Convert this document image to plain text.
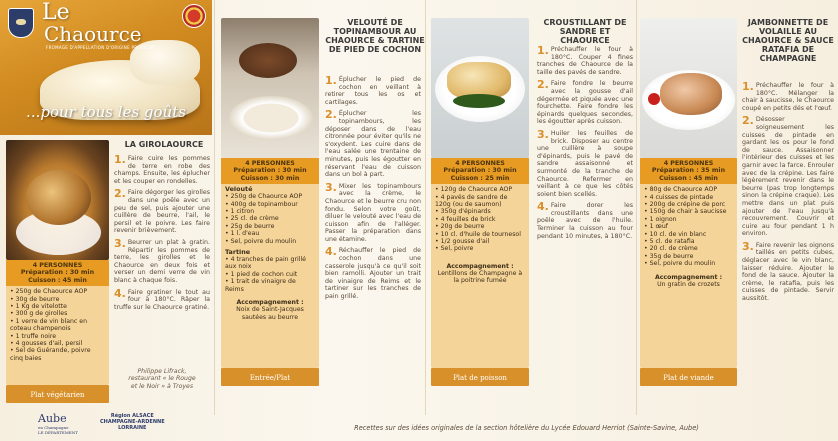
Le
Chaource
FROMAGE D'APPELLATION D'ORIGINE PROTEGEE
...pour tous les goûts
LA GIROLAOURCE
1. Faire cuire les pommes de terre en robe des champs. Ensuite, les éplucher et les couper en rondelles.
2. Faire dégorger les girolles dans une poêle avec un peu de sel, puis ajouter une cuillère de beurre, l'ail, le persil et le poivre. Les faire revenir brièvement.
3. Beurrer un plat à gratin. Répartir les pommes de terre, les girolles et le Chaource en deux fois et verser un demi verre de vin blanc à chaque fois.
4. Faire gratiner le tout au four à 180°C. Râper la truffe sur le Chaource gratiné.
4 PERSONNES
Préparation : 30 min
Cuisson : 45 min
• 250g de Chaource AOP
• 30g de beurre
• 1 Kg de vitelotte
• 300 g de girolles
• 1 verre de vin blanc en coteau champenois
• 1 truffe noire
• 4 gousses d'ail, persil
• Sel de Guérande, poivre cinq baies
Philippe Lifrack,
restaurant « le Rouge
et le Noir » à Troyes
Plat végétarien
Aube
en Champagne
LE DÉPARTEMENT
Région ALSACE
CHAMPAGNE-ARDENNE
LORRAINE
VELOUTÉ DE TOPINAMBOUR AU CHAOURCE & TARTINE DE PIED DE COCHON
1. Éplucher le pied de cochon en veillant à retirer tous les os et cartilages.
2. Éplucher les topinambours, les déposer dans de l'eau citronnée pour éviter qu'ils ne s'oxydent. Les cuire dans de l'eau salée une trentaine de minutes, puis les égoutter en réservant l'eau de cuisson dans un bol à part.
3. Mixer les topinambours avec la crème, le Chaource et le beurre cru non fondu. Selon votre goût, diluer le velouté avec l'eau de cuisson afin de l'alléger. Passer la préparation dans une étamine.
4. Réchauffer le pied de cochon dans une casserole jusqu'à ce qu'il soit bien ramolli. Ajouter un trait de vinaigre de Reims et le tartiner sur les tranches de pain grillé.
4 PERSONNES
Préparation : 30 min
Cuisson : 30 min
Velouté
• 250g de Chaource AOP
• 400g de topinambour
• 1 citron
• 25 cl. de crème
• 25g de beurre
• 1 l. d'eau
• Sel, poivre du moulin
Tartine
• 4 tranches de pain grillé aux noix
• 1 pied de cochon cuit
• 1 trait de vinaigre de Reims
Accompagnement :
Noix de Saint-Jacques sautées au beurre
Entrée/Plat
CROUSTILLANT DE SANDRE ET CHAOURCE
1. Préchauffer le four à 180°C. Couper 4 fines tranches de Chaource de la taille des pavés de sandre.
2. Faire fondre le beurre avec la gousse d'ail dégermée et piquée avec une fourchette. Faire fondre les épinards quelques secondes, les égoutter après cuisson.
3. Huiler les feuilles de brick. Disposer au centre une cuillère à soupe d'épinards, puis le pavé de sandre assaisonné et surmonté de la tranche de Chaource. Refermer en veillant à ce que les côtés soient bien scellés.
4. Faire dorer les croustillants dans une poêle avec de l'huile. Terminer la cuisson au four pendant 10 minutes, à 180°C.
4 PERSONNES
Préparation : 30 min
Cuisson : 25 min
• 120g de Chaource AOP
• 4 pavés de sandre de 120g (ou de saumon)
• 350g d'épinards
• 4 feuilles de brick
• 20g de beurre
• 10 cl. d'huile de tournesol
• 1/2 gousse d'ail
• Sel, poivre
Accompagnement :
Lentillons de Champagne à la poitrine fumée
Plat de poisson
JAMBONNETTE DE VOLAILLE AU CHAOURCE & SAUCE RATAFIA DE CHAMPAGNE
1. Préchauffer le four à 180°C. Mélanger la chair à saucisse, le Chaource coupé en petits dés et l'œuf.
2. Désosser soigneusement les cuisses de pintade en gardant les os pour le fond de sauce. Assaisonner l'intérieur des cuisses et les garnir avec la farce. Enrouler avec de la crépine. Les faire légèrement revenir dans le beurre (pas trop longtemps sinon la crépine craque). Les mettre dans un plat puis ajouter de l'eau jusqu'à recouvrement. Couvrir et cuire au four pendant 1 h environ.
3. Faire revenir les oignons taillés en petits cubes, déglacer avec le vin blanc, laisser réduire. Ajouter le fond de la sauce. Ajouter la crème, le ratafia, puis les cuisses de pintade. Servir aussitôt.
4 PERSONNES
Préparation : 35 min
Cuisson : 45 min
• 80g de Chaource AOP
• 4 cuisses de pintade
• 200g de crépine de porc
• 150g de chair à saucisse
• 1 oignon
• 1 œuf
• 10 cl. de vin blanc
• 5 cl. de ratafia
• 20 cl. de crème
• 35g de beurre
• Sel, poivre du moulin
Accompagnement :
Un gratin de crozets
Plat de viande
Recettes sur des idées originales de la section hôtelière du Lycée Edouard Herriot (Sainte-Savine, Aube)
